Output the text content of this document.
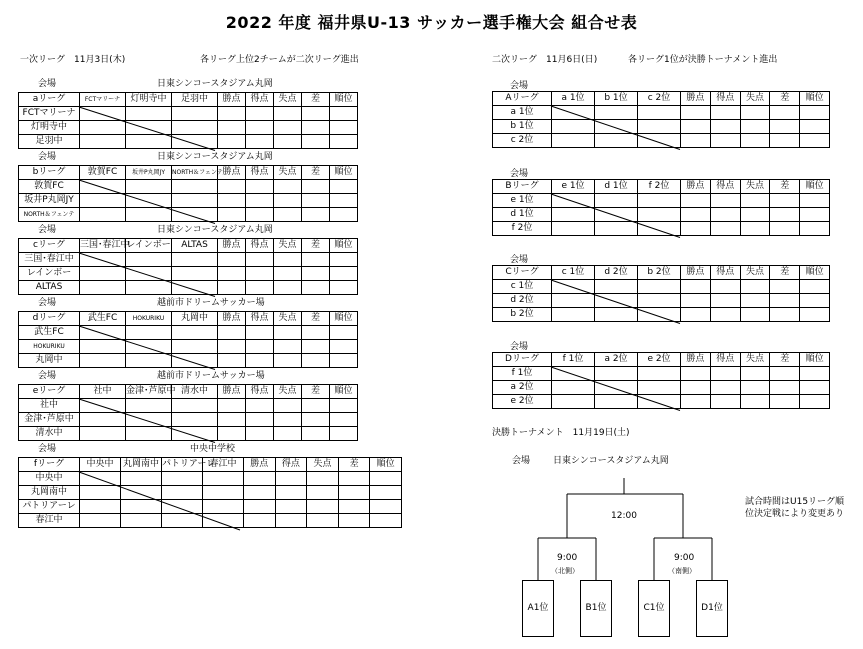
2022 年度 福井県U-13 サッカー選手権大会 組合せ表
一次リーグ　11月3日(木)	各リーグ上位2チームが二次リーグ進出	二次リーグ　11月6日(日)	各リーグ1位が決勝トーナメント進出
会場	日東シンコースタジアム丸岡
aリーグ	FCTマリーナ	灯明寺中	足羽中	勝点	得点	失点	差	順位
FCTマリーナ								
灯明寺中								
足羽中								
会場	日東シンコースタジアム丸岡
bリーグ	敦賀FC	坂井P丸岡JY	NORTH＆フェンテ	勝点	得点	失点	差	順位
敦賀FC								
坂井P丸岡JY								
NORTH＆フェンテ								
会場	日東シンコースタジアム丸岡
cリーグ	三国･春江中	レインボー	ALTAS	勝点	得点	失点	差	順位
三国･春江中								
レインボー								
ALTAS								
会場	越前市ドリームサッカー場
dリーグ	武生FC	HOKURIKU	丸岡中	勝点	得点	失点	差	順位
武生FC								
HOKURIKU								
丸岡中								
会場	越前市ドリームサッカー場
eリーグ	社中	金津･芦原中	清水中	勝点	得点	失点	差	順位
社中								
金津･芦原中								
清水中								
会場	中央中学校
fリーグ	中央中	丸岡南中	パトリアーレ	春江中	勝点	得点	失点	差	順位
中央中									
丸岡南中									
パトリアーレ									
春江中									
会場
Aリーグ	a 1位	b 1位	c 2位	勝点	得点	失点	差	順位
a 1位								
b 1位								
c 2位								
会場
Bリーグ	e 1位	d 1位	f 2位	勝点	得点	失点	差	順位
e 1位								
d 1位								
f 2位								
会場
Cリーグ	c 1位	d 2位	b 2位	勝点	得点	失点	差	順位
c 1位								
d 2位								
b 2位								
会場
Dリーグ	f 1位	a 2位	e 2位	勝点	得点	失点	差	順位
f 1位								
a 2位								
e 2位								
決勝トーナメント　11月19日(土)
会場	日東シンコースタジアム丸岡
12:00
9:00
（北側）
9:00
（南側）
A1位	B1位	C1位	D1位
試合時間はU15リーグ順位決定戦により変更あり
